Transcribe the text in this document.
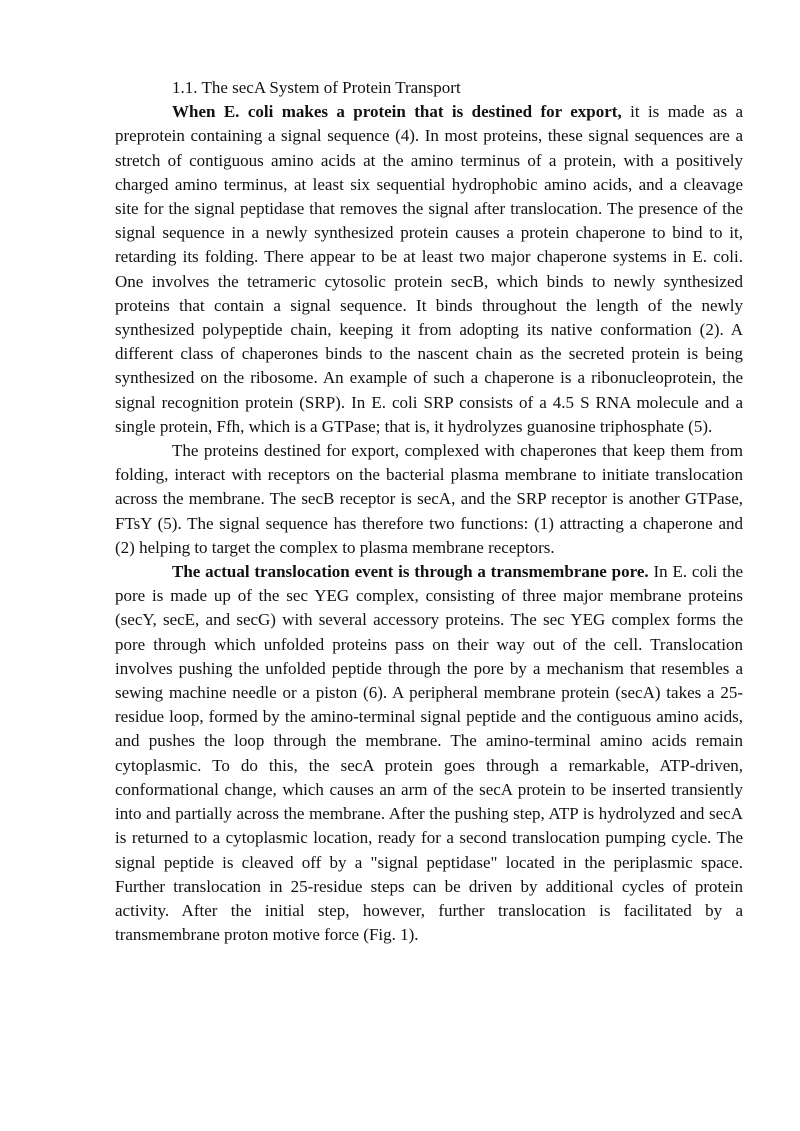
1.1. The secA System of Protein Transport

When E. coli makes a protein that is destined for export, it is made as a preprotein containing a signal sequence (4). In most proteins, these signal sequences are a stretch of contiguous amino acids at the amino terminus of a protein, with a positively charged amino terminus, at least six sequential hydrophobic amino acids, and a cleavage site for the signal peptidase that removes the signal after translocation. The presence of the signal sequence in a newly synthesized protein causes a protein chaperone to bind to it, retarding its folding. There appear to be at least two major chaperone systems in E. coli. One involves the tetrameric cytosolic protein secB, which binds to newly synthesized proteins that contain a signal sequence. It binds throughout the length of the newly synthesized polypeptide chain, keeping it from adopting its native conformation (2). A different class of chaperones binds to the nascent chain as the secreted protein is being synthesized on the ribosome. An example of such a chaperone is a ribonucleoprotein, the signal recognition protein (SRP). In E. coli SRP consists of a 4.5 S RNA molecule and a single protein, Ffh, which is a GTPase; that is, it hydrolyzes guanosine triphosphate (5).

The proteins destined for export, complexed with chaperones that keep them from folding, interact with receptors on the bacterial plasma membrane to initiate translocation across the membrane. The secB receptor is secA, and the SRP receptor is another GTPase, FTsY (5). The signal sequence has therefore two functions: (1) attracting a chaperone and (2) helping to target the complex to plasma membrane receptors.

The actual translocation event is through a transmembrane pore. In E. coli the pore is made up of the sec YEG complex, consisting of three major membrane proteins (secY, secE, and secG) with several accessory proteins. The sec YEG complex forms the pore through which unfolded proteins pass on their way out of the cell. Translocation involves pushing the unfolded peptide through the pore by a mechanism that resembles a sewing machine needle or a piston (6). A peripheral membrane protein (secA) takes a 25-residue loop, formed by the amino-terminal signal peptide and the contiguous amino acids, and pushes the loop through the membrane. The amino-terminal amino acids remain cytoplasmic. To do this, the secA protein goes through a remarkable, ATP-driven, conformational change, which causes an arm of the secA protein to be inserted transiently into and partially across the membrane. After the pushing step, ATP is hydrolyzed and secA is returned to a cytoplasmic location, ready for a second translocation pumping cycle. The signal peptide is cleaved off by a "signal peptidase" located in the periplasmic space. Further translocation in 25-residue steps can be driven by additional cycles of protein activity. After the initial step, however, further translocation is facilitated by a transmembrane proton motive force (Fig. 1).
